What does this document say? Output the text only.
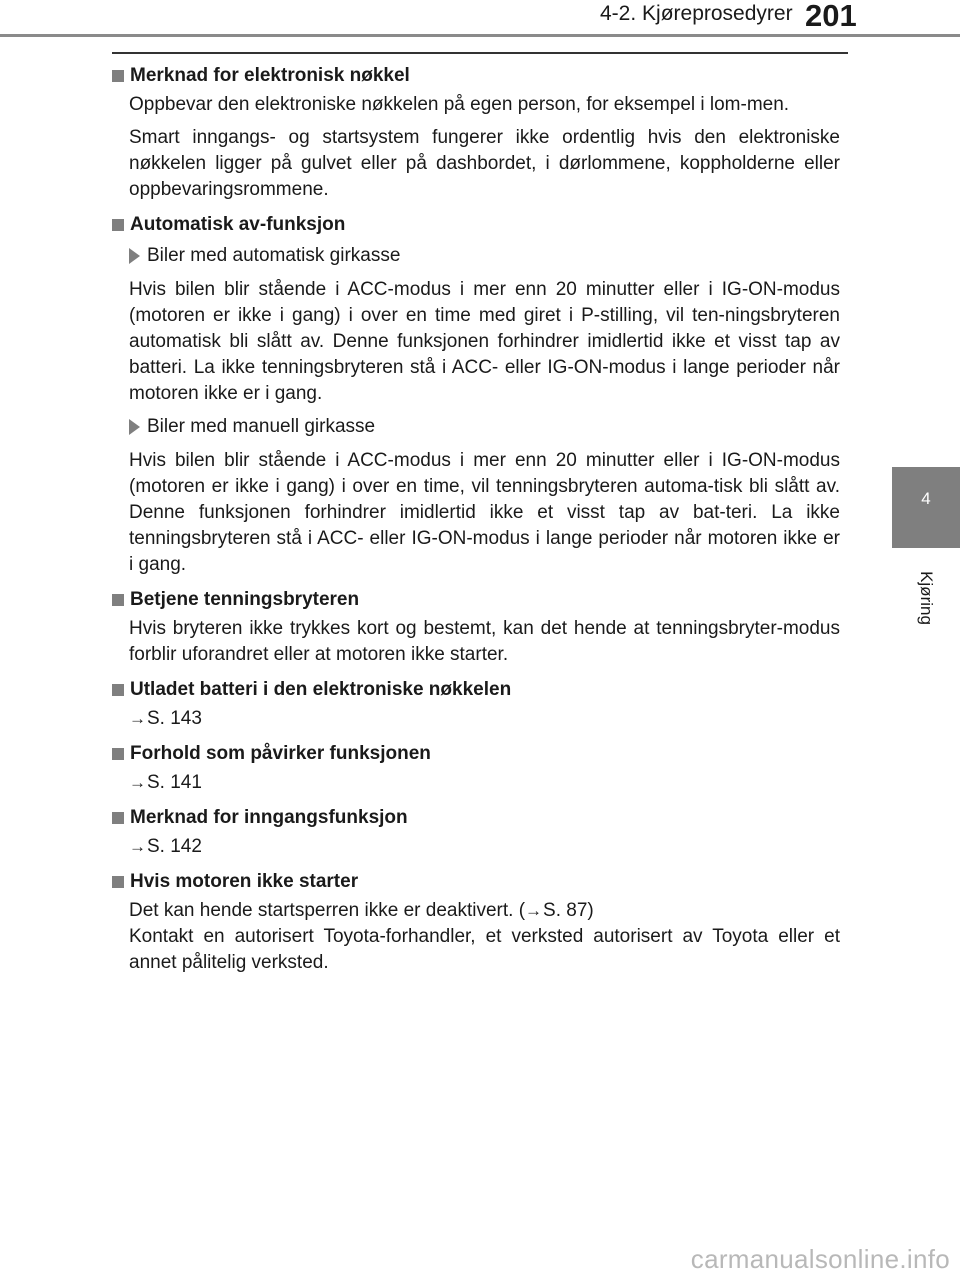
4-2. Kjøreprosedyrer 201
4
Kjøring
Merknad for elektronisk nøkkel
Oppbevar den elektroniske nøkkelen på egen person, for eksempel i lom-men.
Smart inngangs- og startsystem fungerer ikke ordentlig hvis den elektroniske nøkkelen ligger på gulvet eller på dashbordet, i dørlommene, koppholderne eller oppbevaringsrommene.
Automatisk av-funksjon
Biler med automatisk girkasse
Hvis bilen blir stående i ACC-modus i mer enn 20 minutter eller i IG-ON-modus (motoren er ikke i gang) i over en time med giret i P-stilling, vil ten-ningsbryteren automatisk bli slått av. Denne funksjonen forhindrer imidlertid ikke et visst tap av batteri. La ikke tenningsbryteren stå i ACC- eller IG-ON-modus i lange perioder når motoren ikke er i gang.
Biler med manuell girkasse
Hvis bilen blir stående i ACC-modus i mer enn 20 minutter eller i IG-ON-modus (motoren er ikke i gang) i over en time, vil tenningsbryteren automa-tisk bli slått av. Denne funksjonen forhindrer imidlertid ikke et visst tap av bat-teri. La ikke tenningsbryteren stå i ACC- eller IG-ON-modus i lange perioder når motoren ikke er i gang.
Betjene tenningsbryteren
Hvis bryteren ikke trykkes kort og bestemt, kan det hende at tenningsbryter-modus forblir uforandret eller at motoren ikke starter.
Utladet batteri i den elektroniske nøkkelen
→S. 143
Forhold som påvirker funksjonen
→S. 141
Merknad for inngangsfunksjon
→S. 142
Hvis motoren ikke starter
Det kan hende startsperren ikke er deaktivert. (→S. 87)
Kontakt en autorisert Toyota-forhandler, et verksted autorisert av Toyota eller et annet pålitelig verksted.
carmanualsonline.info
